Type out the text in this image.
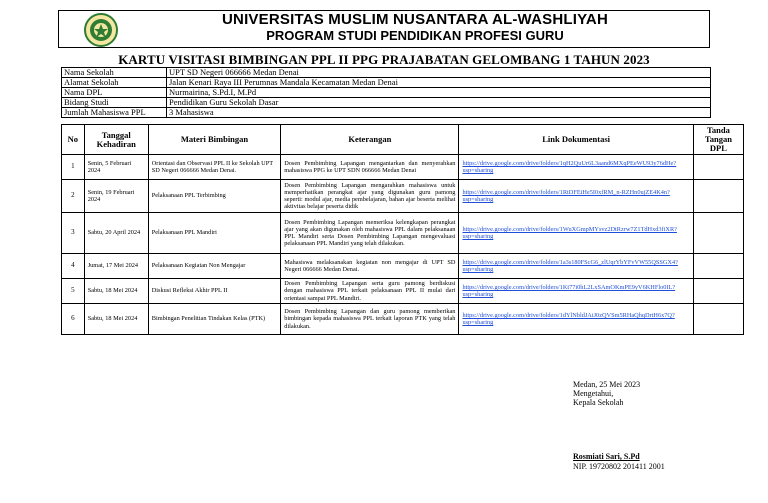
UNIVERSITAS MUSLIM NUSANTARA AL-WASHLIYAH
PROGRAM STUDI PENDIDIKAN PROFESI GURU
KARTU VISITASI BIMBINGAN PPL II PPG PRAJABATAN GELOMBANG 1 TAHUN 2023
Nama Sekolah	UPT SD Negeri 066666 Medan Denai
Alamat Sekolah	Jalan Kenari Raya III Perumnas Mandala Kecamatan Medan Denai
Nama DPL	Nurmairina, S.Pd.I, M.Pd
Bidang Studi	Pendidikan Guru Sekolah Dasar
Jumlah Mahasiswa PPL	3 Mahasiswa
No	Tanggal Kehadiran	Materi Bimbingan	Keterangan	Link Dokumentasi	Tanda Tangan DPL
1	Senin, 5 Februari 2024	Orientasi dan Observasi PPL II ke Sekolah UPT SD Negeri 066666 Medan Denai.	Dosen Pembimbing Lapangan mengantarkan dan menyerahkan mahasiswa PPG ke UPT SDN 066666 Medan Denai	https://drive.google.com/drive/folders/1qH2QuUr6L3aand6MXqPEeWU93y76dHe?usp=sharing	
2	Senin, 19 Februari 2024	Pelaksanaan PPL Terbimbing	Dosen Pembimbing Lapangan mengarahkan mahasiswa untuk memperhatikan perangkat ajar yang digunakan guru pamong seperti: modul ajar, media pembelajaran, bahan ajar beserta melihat aktivitas belajar peserta didik	https://drive.google.com/drive/folders/1RtDFEiHe5I0xfRM_n-RZHn0ujZE4K4n?usp=sharing	
3	Sabtu, 20 April 2024	Pelaksanaan PPL Mandiri	Dosen Pembimbing Lapangan memeriksa kelengkapan perangkat ajar yang akan digunakan oleh mahasiswa PPL dalam pelaksanaan PPL Mandiri serta Dosen Pembimbing Lapangan mengevaluasi pelaksanaan PPL Mandiri yang telah dilakukan.	https://drive.google.com/drive/folders/1WuXGmpMYsvz2DtRzrw7Z1TdHxd3fiXR?usp=sharing	
4	Jumat, 17 Mei 2024	Pelaksanaan Kegiatan Non Mengajar	Mahasiswa melaksanakan kegiatan non mengajar di UPT SD Negeri 066666 Medan Denai.	https://drive.google.com/drive/folders/1a3s180FScG6_zlUqrYbYFvVW55QSSGX4?usp=sharing	
5	Sabtu, 18 Mei 2024	Diskusi Refleksi Akhir PPL II	Dosen Pembimbing Lapangan serta guru pamong berdiskusi dengan mahasiswa PPL terkait pelaksanaan PPL II mulai dari orientasi sampai PPL Mandiri.	https://drive.google.com/drive/folders/1Kt77i0hL2LxSAmOKmPE9yV6KHFlo0IL?usp=sharing	
6	Sabtu, 18 Mei 2024	Bimbingan Penelitian Tindakan Kelas (PTK)	Dosen Pembimbing Lapangan dan guru pamong memberikan bimbingan kepada mahasiswa PPL terkait laporan PTK yang telah dilakukan.	https://drive.google.com/drive/folders/1dYlNbldJAiJ0zQVSm5RHaQhqDrtH6x7Q?usp=sharing	
Medan, 25 Mei 2023
Mengetahui,
Kepala Sekolah
Rosmiati Sari, S.Pd
NIP. 19720802 201411 2001
